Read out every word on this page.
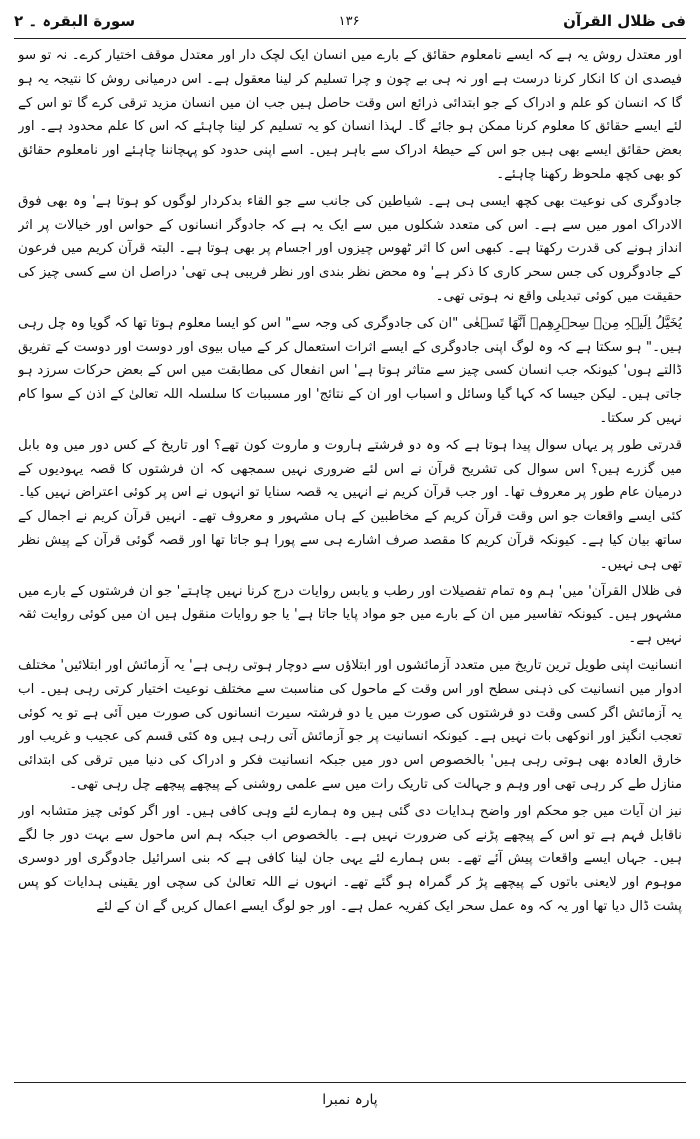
سورة البقرہ ۔ ۲	۱۳۶	فی ظلال القرآن

اور معتدل روش یہ ہے کہ ایسے نامعلوم حقائق کے بارے میں انسان ایک لچک دار اور معتدل موقف اختیار کرے۔ نہ تو سو فیصدی ان کا انکار کرنا درست ہے اور نہ ہی بے چون و چرا تسلیم کر لینا معقول ہے۔ اس درمیانی روش کا نتیجہ یہ ہو گا کہ انسان کو علم و ادراک کے جو ابتدائی ذرائع اس وقت حاصل ہیں جب ان میں انسان مزید ترقی کرے گا تو اس کے لئے ایسے حقائق کا معلوم کرنا ممکن ہو جائے گا۔ لہذا انسان کو یہ تسلیم کر لینا چاہئے کہ اس کا علم محدود ہے۔ اور بعض حقائق ایسے بھی ہیں جو اس کے حیطۂ ادراک سے باہر ہیں۔ اسے اپنی حدود کو پہچاننا چاہئے اور نامعلوم حقائق کو بھی کچھ ملحوظ رکھنا چاہئے۔

جادوگری کی نوعیت بھی کچھ ایسی ہی ہے۔ شیاطین کی جانب سے جو القاء بدکردار لوگوں کو ہوتا ہے' وہ بھی فوق الادراک امور میں سے ہے۔ اس کی متعدد شکلوں میں سے ایک یہ ہے کہ جادوگر انسانوں کے حواس اور خیالات پر اثر انداز ہونے کی قدرت رکھتا ہے۔ کبھی اس کا اثر ٹھوس چیزوں اور اجسام پر بھی ہوتا ہے۔ البتہ قرآن کریم میں فرعون کے جادوگروں کی جس سحر کاری کا ذکر ہے' وہ محض نظر بندی اور نظر فریبی ہی تھی' دراصل ان سے کسی چیز کی حقیقت میں کوئی تبدیلی واقع نہ ہوتی تھی۔

یُخَیَّلُ اِلَیۡہِ مِنۡ سِحۡرِهِمۡ اَنَّهَا تَسۡعٰی "ان کی جادوگری کی وجہ سے" اس کو ایسا معلوم ہوتا تھا کہ گویا وہ چل رہی ہیں۔" ہو سکتا ہے کہ وہ لوگ اپنی جادوگری کے ایسے اثرات استعمال کر کے میاں بیوی اور دوست اور دوست کے تفریق ڈالتے ہوں' کیونکہ جب انسان کسی چیز سے متاثر ہوتا ہے' اس انفعال کی مطابقت میں اس کے بعض حرکات سرزد ہو جاتی ہیں۔ لیکن جیسا کہ کہا گیا وسائل و اسباب اور ان کے نتائج' اور مسببات کا سلسلہ اللہ تعالیٰ کے اذن کے سوا کام نہیں کر سکتا۔

قدرتی طور پر یہاں سوال پیدا ہوتا ہے کہ وہ دو فرشتے ہاروت و ماروت کون تھے؟ اور تاریخ کے کس دور میں وہ بابل میں گزرے ہیں؟ اس سوال کی تشریح قرآن نے اس لئے ضروری نہیں سمجھی کہ ان فرشتوں کا قصہ یہودیوں کے درمیان عام طور پر معروف تھا۔ اور جب قرآن کریم نے انہیں یہ قصہ سنایا تو انہوں نے اس پر کوئی اعتراض نہیں کیا۔ کئی ایسے واقعات جو اس وقت قرآن کریم کے مخاطبین کے ہاں مشہور و معروف تھے۔ انہیں قرآن کریم نے اجمال کے ساتھ بیان کیا ہے۔ کیونکہ قرآن کریم کا مقصد صرف اشارے ہی سے پورا ہو جاتا تھا اور قصہ گوئی قرآن کے پیش نظر تھی ہی نہیں۔

فی ظلال القرآن' میں' ہم وہ تمام تفصیلات اور رطب و یابس روایات درج کرنا نہیں چاہتے' جو ان فرشتوں کے بارے میں مشہور ہیں۔ کیونکہ تفاسیر میں ان کے بارے میں جو مواد پایا جاتا ہے' یا جو روایات منقول ہیں ان میں کوئی روایت ثقہ نہیں ہے۔

انسانیت اپنی طویل ترین تاریخ میں متعدد آزمائشوں اور ابتلاؤں سے دوچار ہوتی رہی ہے' یہ آزمائش اور ابتلائیں' مختلف ادوار میں انسانیت کی ذہنی سطح اور اس وقت کے ماحول کی مناسبت سے مختلف نوعیت اختیار کرتی رہی ہیں۔ اب یہ آزمائش اگر کسی وقت دو فرشتوں کی صورت میں یا دو فرشتہ سیرت انسانوں کی صورت میں آئی ہے تو یہ کوئی تعجب انگیز اور انوکھی بات نہیں ہے۔ کیونکہ انسانیت پر جو آزمائش آتی رہی ہیں وہ کئی قسم کی عجیب و غریب اور خارق العادہ بھی ہوتی رہی ہیں' بالخصوص اس دور میں جبکہ انسانیت فکر و ادراک کی دنیا میں ترقی کی ابتدائی منازل طے کر رہی تھی اور وہم و جہالت کی تاریک رات میں سے علمی روشنی کے پیچھے پیچھے چل رہی تھی۔

نیز ان آیات میں جو محکم اور واضح ہدایات دی گئی ہیں وہ ہمارے لئے وہی کافی ہیں۔ اور اگر کوئی چیز متشابہ اور ناقابل فہم ہے تو اس کے پیچھے پڑنے کی ضرورت نہیں ہے۔ بالخصوص اب جبکہ ہم اس ماحول سے بہت دور جا لگے ہیں۔ جہاں ایسے واقعات پیش آئے تھے۔ بس ہمارے لئے یہی جان لینا کافی ہے کہ بنی اسرائیل جادوگری اور دوسری موہوم اور لایعنی باتوں کے پیچھے پڑ کر گمراہ ہو گئے تھے۔ انہوں نے اللہ تعالیٰ کی سچی اور یقینی ہدایات کو پس پشت ڈال دیا تھا اور یہ کہ وہ عمل سحر ایک کفریہ عمل ہے۔ اور جو لوگ ایسے اعمال کریں گے ان کے لئے

پارہ نمبرا
